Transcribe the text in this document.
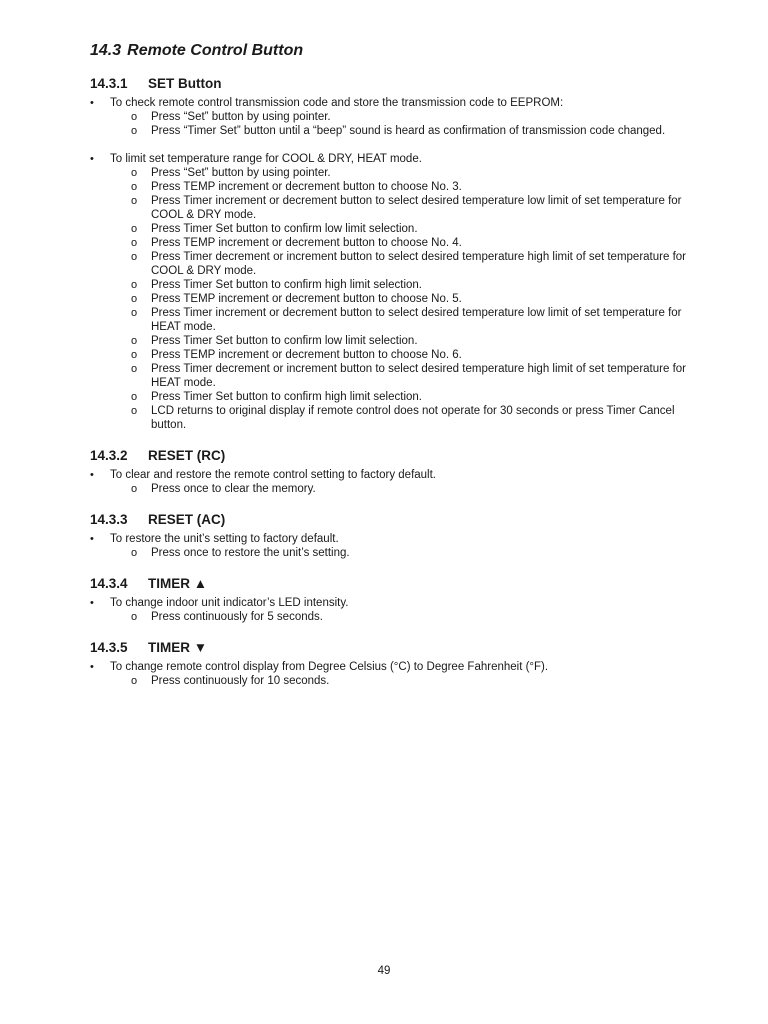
14.3 Remote Control Button
14.3.1 SET Button
• To check remote control transmission code and store the transmission code to EEPROM:
o Press “Set” button by using pointer.
o Press “Timer Set” button until a “beep” sound is heard as confirmation of transmission code changed.
• To limit set temperature range for COOL & DRY, HEAT mode.
o Press “Set” button by using pointer.
o Press TEMP increment or decrement button to choose No. 3.
o Press Timer increment or decrement button to select desired temperature low limit of set temperature for COOL & DRY mode.
o Press Timer Set button to confirm low limit selection.
o Press TEMP increment or decrement button to choose No. 4.
o Press Timer decrement or increment button to select desired temperature high limit of set temperature for COOL & DRY mode.
o Press Timer Set button to confirm high limit selection.
o Press TEMP increment or decrement button to choose No. 5.
o Press Timer increment or decrement button to select desired temperature low limit of set temperature for HEAT mode.
o Press Timer Set button to confirm low limit selection.
o Press TEMP increment or decrement button to choose No. 6.
o Press Timer decrement or increment button to select desired temperature high limit of set temperature for HEAT mode.
o Press Timer Set button to confirm high limit selection.
o LCD returns to original display if remote control does not operate for 30 seconds or press Timer Cancel button.
14.3.2 RESET (RC)
• To clear and restore the remote control setting to factory default.
o Press once to clear the memory.
14.3.3 RESET (AC)
• To restore the unit’s setting to factory default.
o Press once to restore the unit’s setting.
14.3.4 TIMER ▲
• To change indoor unit indicator’s LED intensity.
o Press continuously for 5 seconds.
14.3.5 TIMER ▼
• To change remote control display from Degree Celsius (°C) to Degree Fahrenheit (°F).
o Press continuously for 10 seconds.
49
